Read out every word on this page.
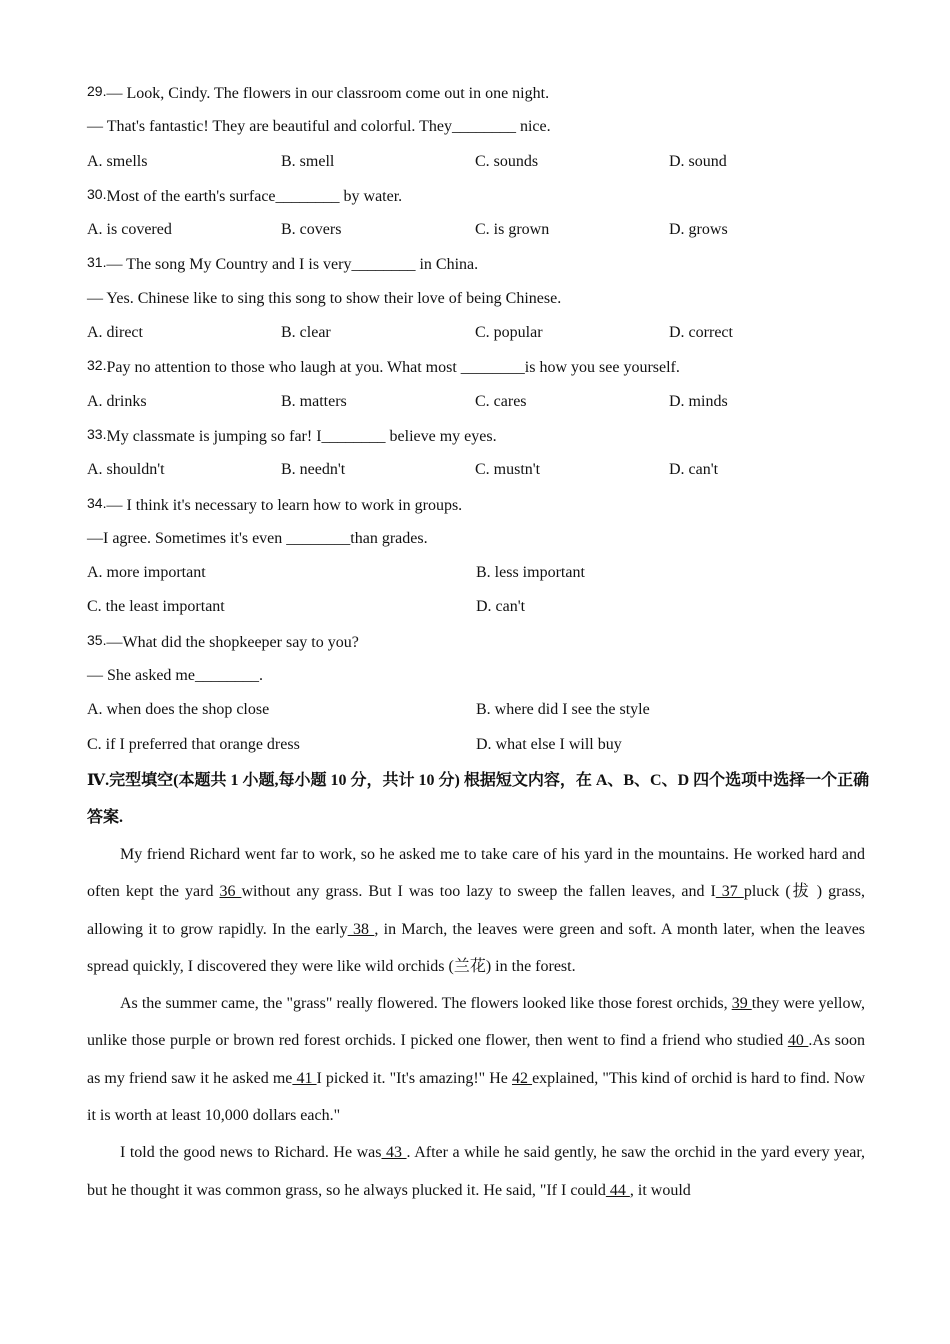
29.— Look, Cindy. The flowers in our classroom come out in one night.
— That's fantastic! They are beautiful and colorful. They________ nice.
A. smells	B. smell	C. sounds	D. sound
30.Most of the earth's surface________ by water.
A. is covered	B. covers	C. is grown	D. grows
31.— The song My Country and I is very________ in China.
— Yes. Chinese like to sing this song to show their love of being Chinese.
A. direct	B. clear	C. popular	D. correct
32.Pay no attention to those who laugh at you. What most ________is how you see yourself.
A. drinks	B. matters	C. cares	D. minds
33.My classmate is jumping so far! I________ believe my eyes.
A. shouldn't	B. needn't	C. mustn't	D. can't
34.— I think it's necessary to learn how to work in groups.
—I agree. Sometimes it's even ________than grades.
A. more important	B. less important
C. the least important	D. can't
35.—What did the shopkeeper say to you?
— She asked me________.
A. when does the shop close	B. where did I see the style
C. if I preferred that orange dress	D. what else I will buy
Ⅳ.完型填空(本题共 1 小题,每小题 10 分，共计 10 分) 根据短文内容，在 A、B、C、D 四个选项中选择一个正确答案.

My friend Richard went far to work, so he asked me to take care of his yard in the mountains. He worked hard and often kept the yard 36 without any grass. But I was too lazy to sweep the fallen leaves, and I 37 pluck (拔 ) grass, allowing it to grow rapidly. In the early 38 , in March, the leaves were green and soft. A month later, when the leaves spread quickly, I discovered they were like wild orchids (兰花) in the forest.

As the summer came, the "grass" really flowered. The flowers looked like those forest orchids, 39 they were yellow, unlike those purple or brown red forest orchids. I picked one flower, then went to find a friend who studied 40 .As soon as my friend saw it he asked me 41 I picked it. "It's amazing!" He 42 explained, "This kind of orchid is hard to find. Now it is worth at least 10,000 dollars each."

I told the good news to Richard. He was 43 . After a while he said gently, he saw the orchid in the yard every year, but he thought it was common grass, so he always plucked it. He said, "If I could 44 , it would
